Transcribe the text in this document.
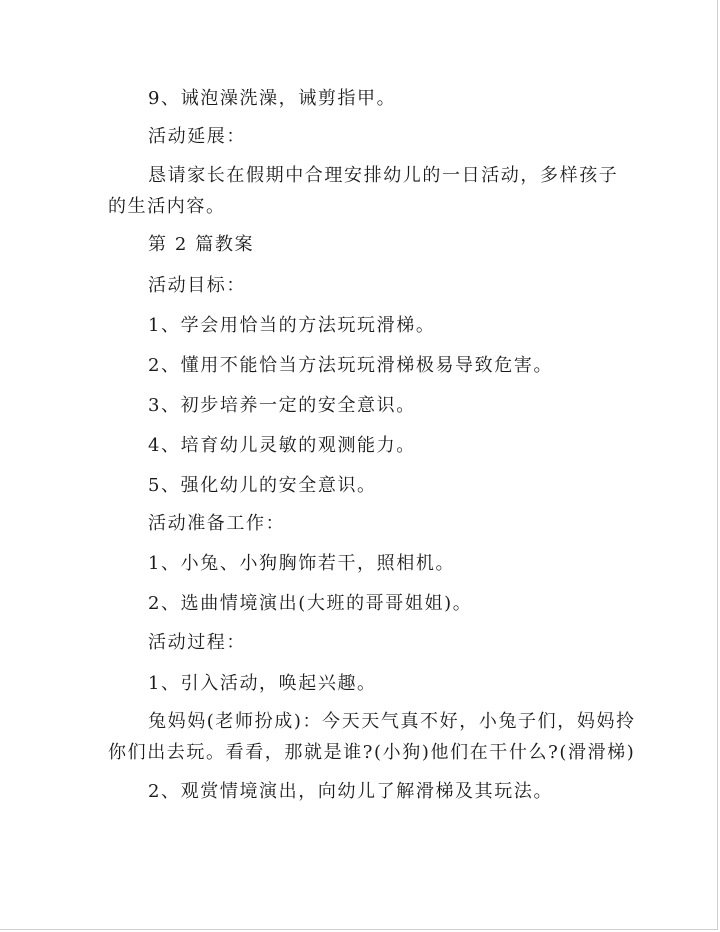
9、诫泡澡洗澡，诫剪指甲。
活动延展：
恳请家长在假期中合理安排幼儿的一日活动，多样孩子
的生活内容。
第 2 篇教案
活动目标：
1、学会用恰当的方法玩玩滑梯。
2、懂用不能恰当方法玩玩滑梯极易导致危害。
3、初步培养一定的安全意识。
4、培育幼儿灵敏的观测能力。
5、强化幼儿的安全意识。
活动准备工作：
1、小兔、小狗胸饰若干，照相机。
2、选曲情境演出(大班的哥哥姐姐)。
活动过程：
1、引入活动，唤起兴趣。
兔妈妈(老师扮成)：今天天气真不好，小兔子们，妈妈拎
你们出去玩。看看，那就是谁?(小狗)他们在干什么?(滑滑梯)
2、观赏情境演出，向幼儿了解滑梯及其玩法。
